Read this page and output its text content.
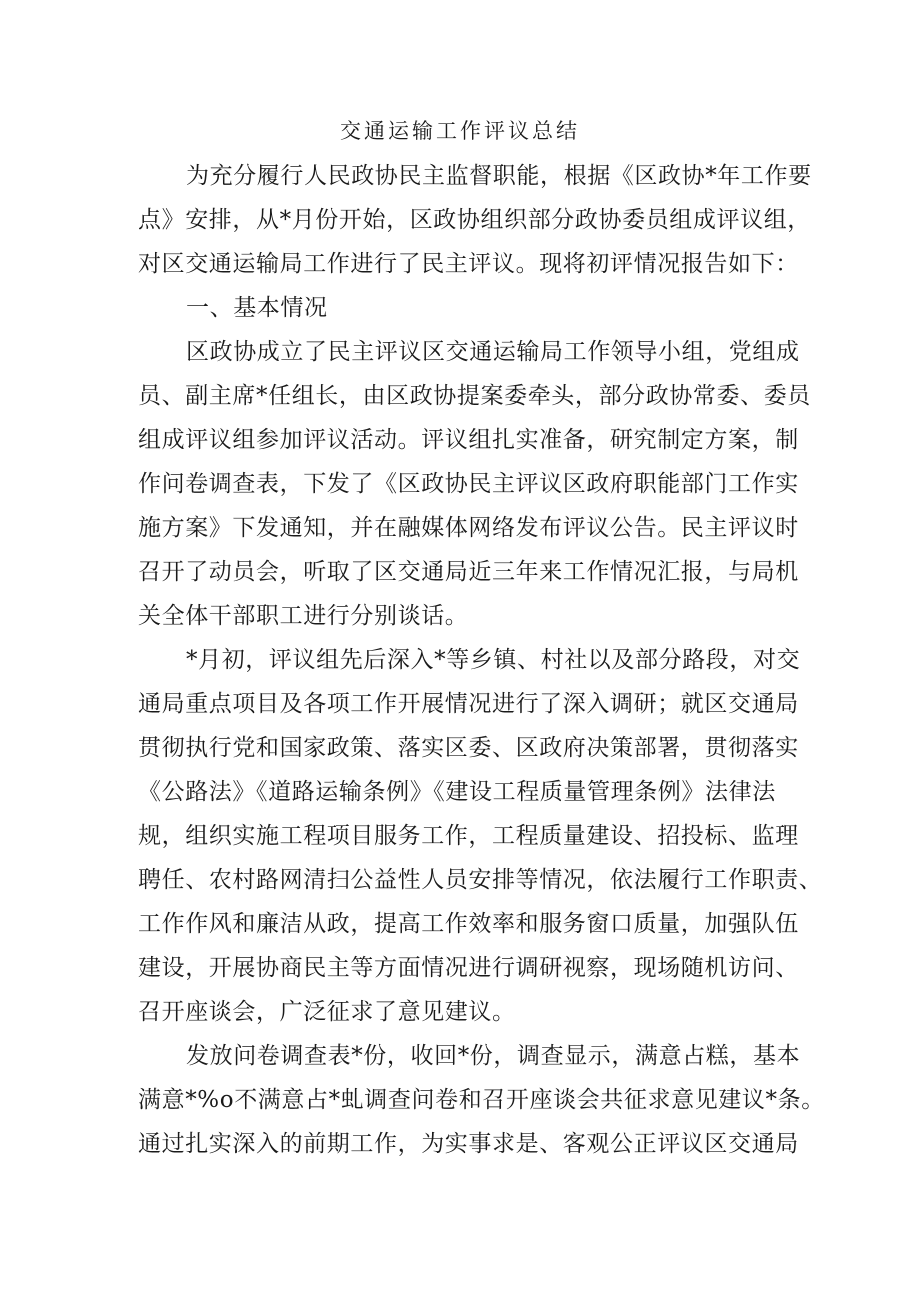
交通运输工作评议总结

为充分履行人民政协民主监督职能，根据《区政协*年工作要

点》安排，从*月份开始，区政协组织部分政协委员组成评议组，

对区交通运输局工作进行了民主评议。现将初评情况报告如下：

一、基本情况

区政协成立了民主评议区交通运输局工作领导小组，党组成

员、副主席*任组长，由区政协提案委牵头，部分政协常委、委员

组成评议组参加评议活动。评议组扎实准备，研究制定方案，制

作问卷调查表，下发了《区政协民主评议区政府职能部门工作实

施方案》下发通知，并在融媒体网络发布评议公告。民主评议时

召开了动员会，听取了区交通局近三年来工作情况汇报，与局机

关全体干部职工进行分别谈话。

*月初，评议组先后深入*等乡镇、村社以及部分路段，对交

通局重点项目及各项工作开展情况进行了深入调研；就区交通局

贯彻执行党和国家政策、落实区委、区政府决策部署，贯彻落实

《公路法》《道路运输条例》《建设工程质量管理条例》法律法

规，组织实施工程项目服务工作，工程质量建设、招投标、监理

聘任、农村路网清扫公益性人员安排等情况，依法履行工作职责、

工作作风和廉洁从政，提高工作效率和服务窗口质量，加强队伍

建设，开展协商民主等方面情况进行调研视察，现场随机访问、

召开座谈会，广泛征求了意见建议。

发放问卷调查表*份，收回*份，调查显示，满意占糕，基本

满意*%o不满意占*虬调查问卷和召开座谈会共征求意见建议*条。

通过扎实深入的前期工作，为实事求是、客观公正评议区交通局
